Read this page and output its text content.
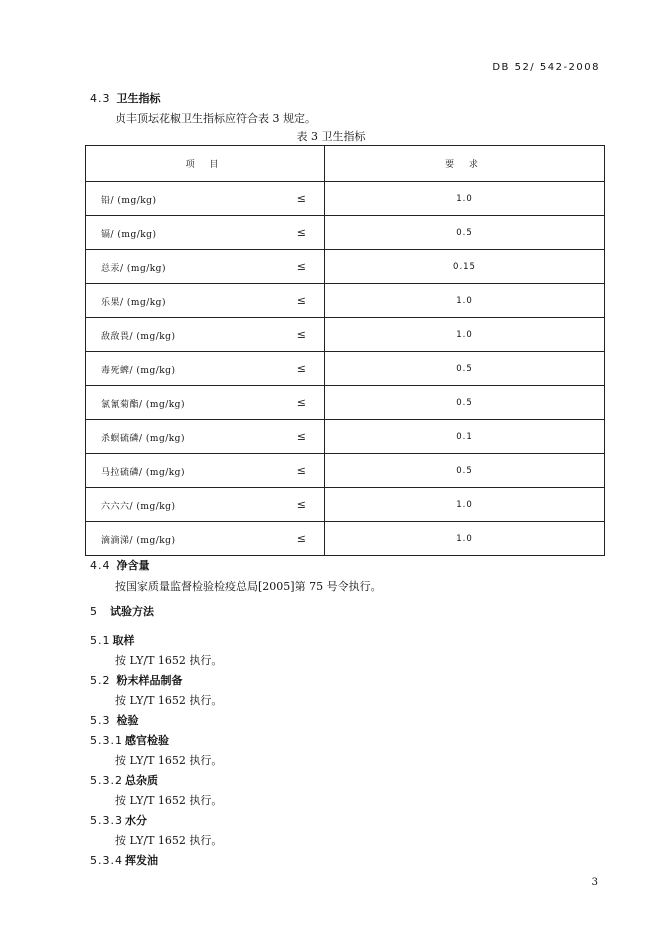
DB 52/ 542-2008
4.3 卫生指标
贞丰顶坛花椒卫生指标应符合表 3 规定。
表 3 卫生指标
项 目	要 求

铅/ (mg/kg) ≤	1.0

镉/ (mg/kg) ≤	0.5

总汞/ (mg/kg) ≤	0.15

乐果/ (mg/kg) ≤	1.0

敌敌畏/ (mg/kg) ≤	1.0

毒死蜱/ (mg/kg) ≤	0.5

氯氰菊酯/ (mg/kg) ≤	0.5

杀螟硫磷/ (mg/kg) ≤	0.1

马拉硫磷/ (mg/kg) ≤	0.5

六六六/ (mg/kg) ≤	1.0

滴滴涕/ (mg/kg) ≤	1.0
4.4 净含量
按国家质量监督检验检疫总局[2005]第 75 号令执行。
5 试验方法
5.1 取样
按 LY/T 1652 执行。
5.2 粉末样品制备
按 LY/T 1652 执行。
5.3 检验
5.3.1 感官检验
按 LY/T 1652 执行。
5.3.2 总杂质
按 LY/T 1652 执行。
5.3.3 水分
按 LY/T 1652 执行。
5.3.4 挥发油
3
